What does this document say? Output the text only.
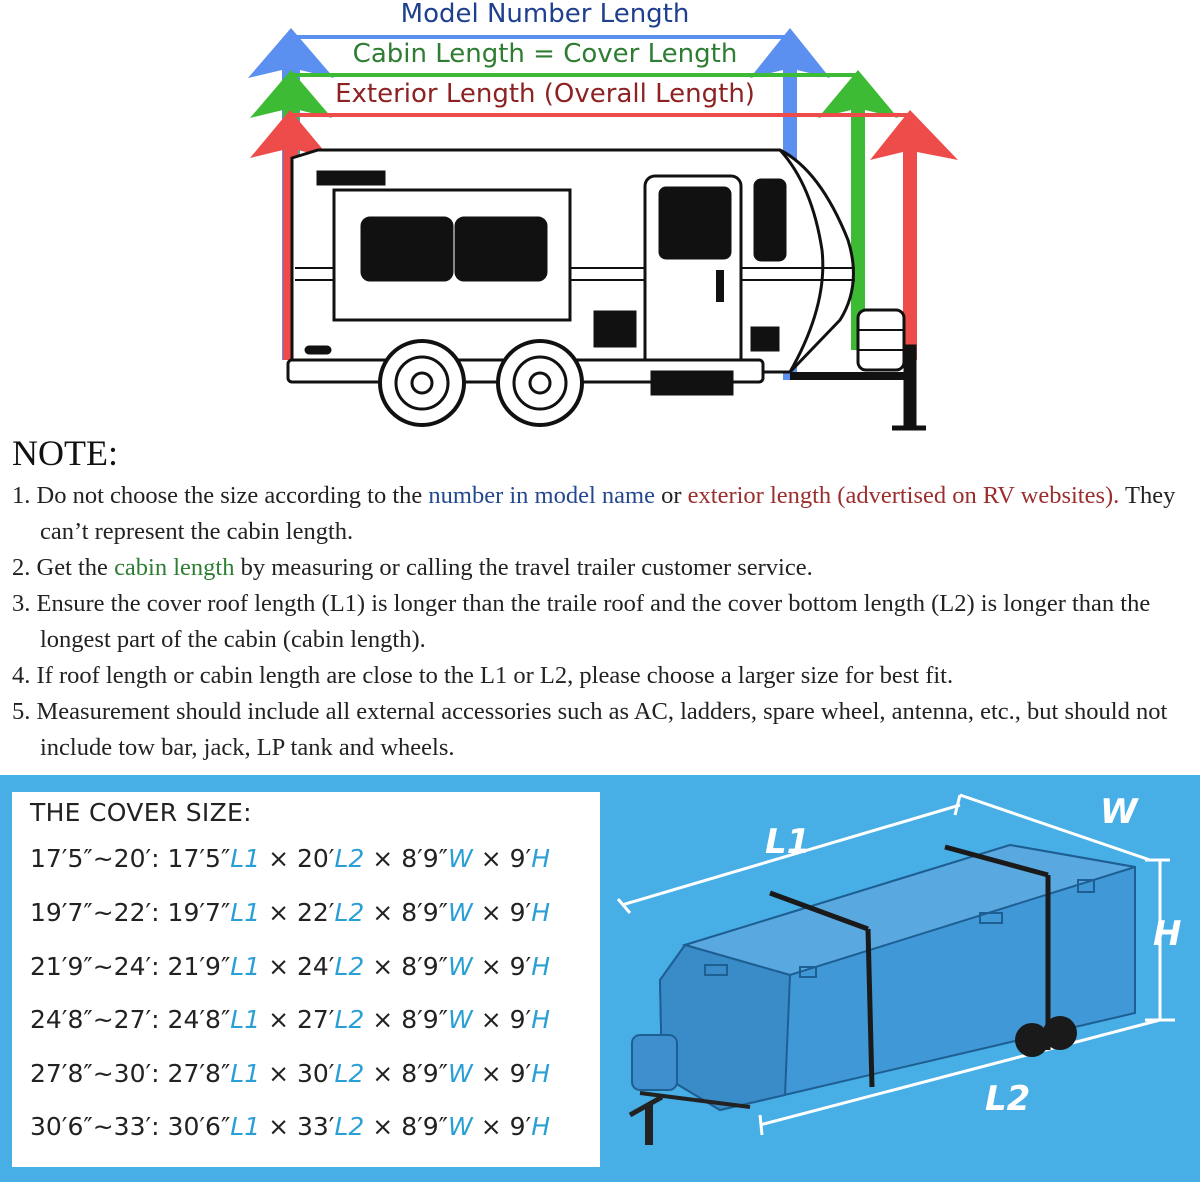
Model Number Length
Cabin Length = Cover Length
Exterior Length (Overall Length)
NOTE:
1. Do not choose the size according to the number in model name or exterior length (advertised on RV websites). They can’t represent the cabin length.
2. Get the cabin length by measuring or calling the travel trailer customer service.
3. Ensure the cover roof length (L1) is longer than the traile roof and the cover bottom length (L2) is longer than the longest part of the cabin (cabin length).
4. If roof length or cabin length are close to the L1 or L2, please choose a larger size for best fit.
5. Measurement should include all external accessories such as AC, ladders, spare wheel, antenna, etc., but should not include tow bar, jack, LP tank and wheels.
THE COVER SIZE:
17′5″~20′: 17′5″L1 × 20′L2 × 8′9″W × 9′H
19′7″~22′: 19′7″L1 × 22′L2 × 8′9″W × 9′H
21′9″~24′: 21′9″L1 × 24′L2 × 8′9″W × 9′H
24′8″~27′: 24′8″L1 × 27′L2 × 8′9″W × 9′H
27′8″~30′: 27′8″L1 × 30′L2 × 8′9″W × 9′H
30′6″~33′: 30′6″L1 × 33′L2 × 8′9″W × 9′H
L1
W
H
L2
